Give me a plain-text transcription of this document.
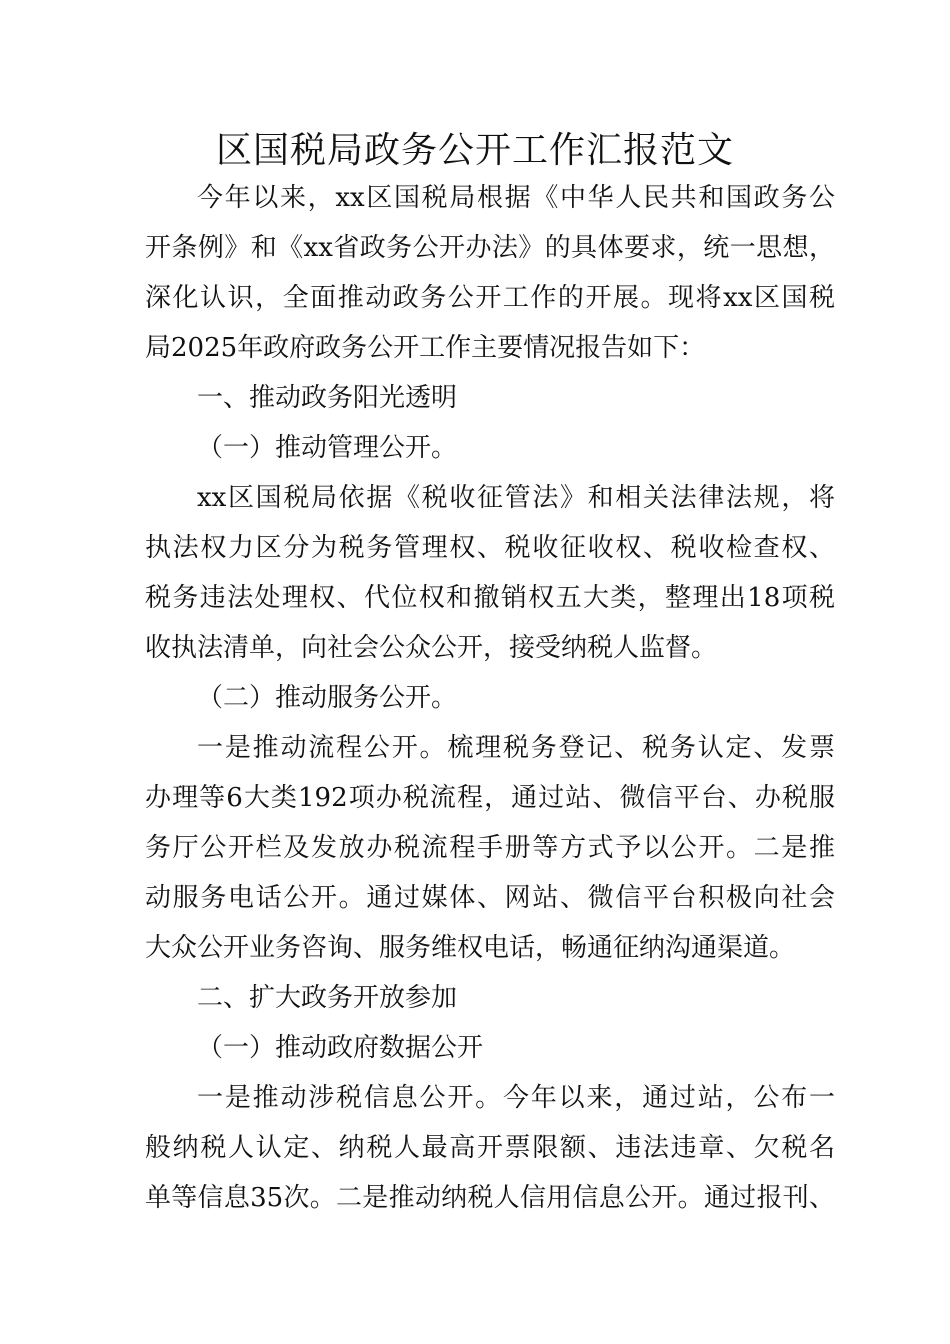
区国税局政务公开工作汇报范文
今年以来，xx区国税局根据《中华人民共和国政务公
开条例》和《xx省政务公开办法》的具体要求，统一思想，
深化认识，全面推动政务公开工作的开展。现将xx区国税
局2025年政府政务公开工作主要情况报告如下：
一、推动政务阳光透明
（一）推动管理公开。
xx区国税局依据《税收征管法》和相关法律法规，将
执法权力区分为税务管理权、税收征收权、税收检查权、
税务违法处理权、代位权和撤销权五大类，整理出18项税
收执法清单，向社会公众公开，接受纳税人监督。
（二）推动服务公开。
一是推动流程公开。梳理税务登记、税务认定、发票
办理等6大类192项办税流程，通过站、微信平台、办税服
务厅公开栏及发放办税流程手册等方式予以公开。二是推
动服务电话公开。通过媒体、网站、微信平台积极向社会
大众公开业务咨询、服务维权电话，畅通征纳沟通渠道。
二、扩大政务开放参加
（一）推动政府数据公开
一是推动涉税信息公开。今年以来，通过站，公布一
般纳税人认定、纳税人最高开票限额、违法违章、欠税名
单等信息35次。二是推动纳税人信用信息公开。通过报刊、
